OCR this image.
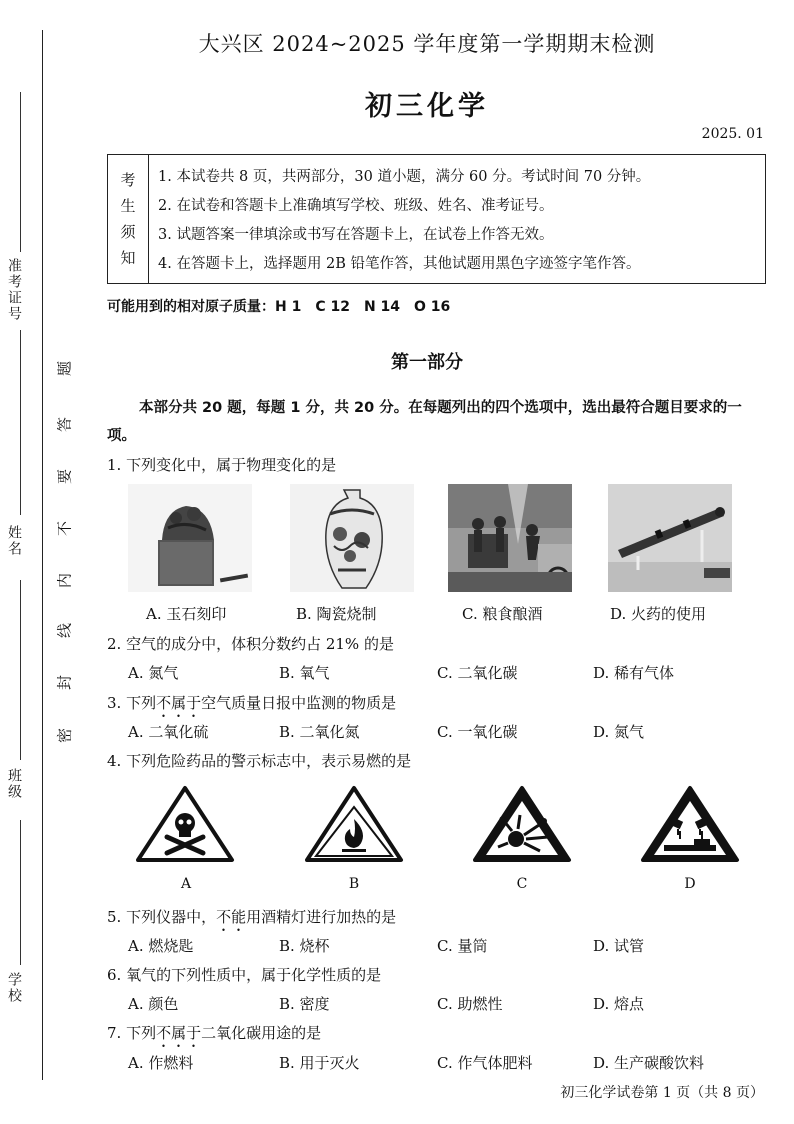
准考证号
姓名
班级
学校
密
封
线
内
不
要
答
题
大兴区 2024~2025 学年度第一学期期末检测
初三化学
2025. 01
考
生
须
知
1. 本试卷共 8 页，共两部分，30 道小题，满分 60 分。考试时间 70 分钟。
2. 在试卷和答题卡上准确填写学校、班级、姓名、准考证号。
3. 试题答案一律填涂或书写在答题卡上，在试卷上作答无效。
4. 在答题卡上，选择题用 2B 铅笔作答，其他试题用黑色字迹签字笔作答。
可能用到的相对原子质量：H 1　C 12　N 14　O 16
第一部分
本部分共 20 题，每题 1 分，共 20 分。在每题列出的四个选项中，选出最符合题目要求的一项。
1. 下列变化中，属于物理变化的是
A. 玉石刻印	B. 陶瓷烧制	C. 粮食酿酒	D. 火药的使用
2. 空气的成分中，体积分数约占 21% 的是
A. 氮气	B. 氧气	C. 二氧化碳	D. 稀有气体
3. 下列不属于空气质量日报中监测的物质是
A. 二氧化硫	B. 二氧化氮	C. 一氧化碳	D. 氮气
4. 下列危险药品的警示标志中，表示易燃的是
A	B	C	D
5. 下列仪器中，不能用酒精灯进行加热的是
A. 燃烧匙	B. 烧杯	C. 量筒	D. 试管
6. 氧气的下列性质中，属于化学性质的是
A. 颜色	B. 密度	C. 助燃性	D. 熔点
7. 下列不属于二氧化碳用途的是
A. 作燃料	B. 用于灭火	C. 作气体肥料	D. 生产碳酸饮料
初三化学试卷第 1 页（共 8 页）
